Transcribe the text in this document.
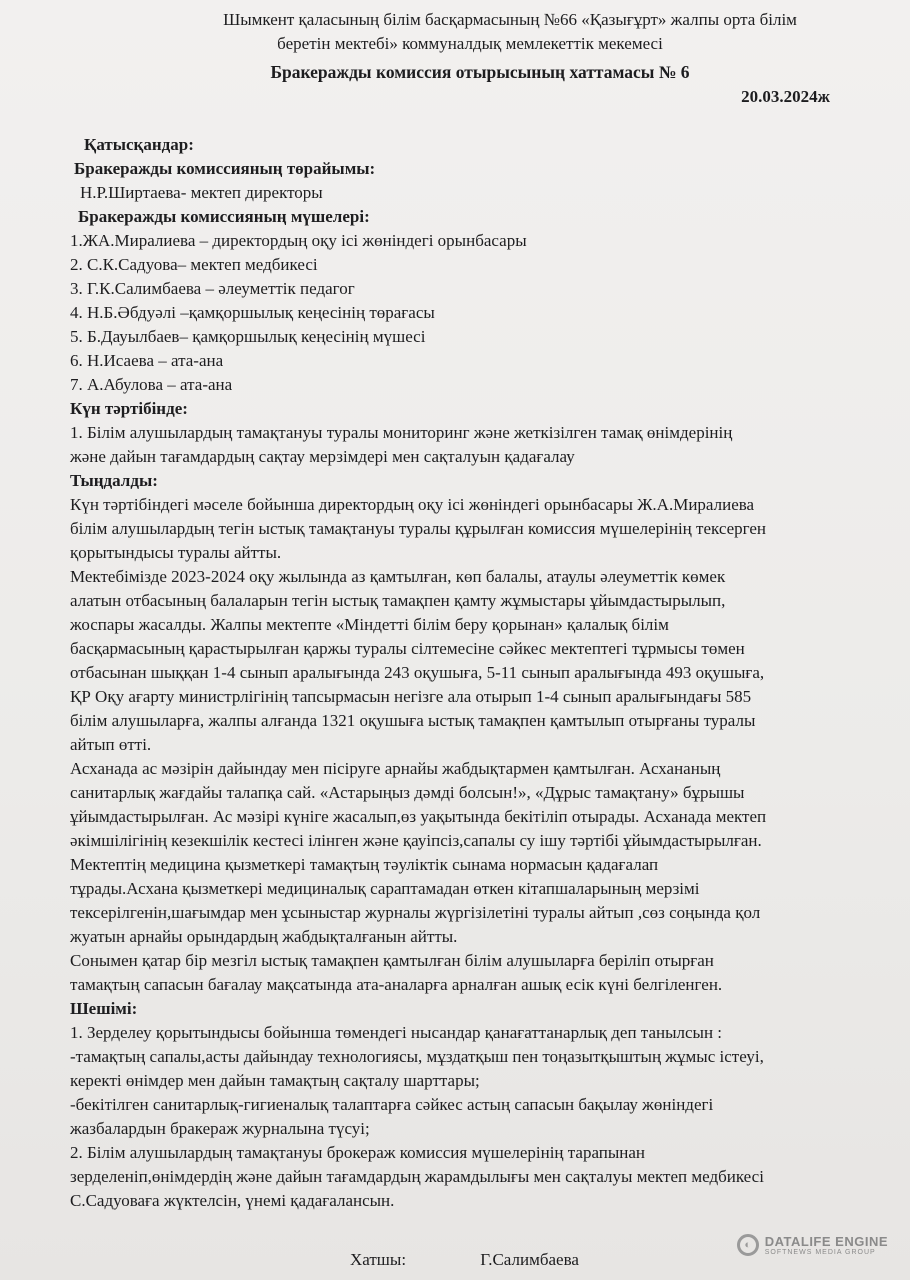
Шымкент қаласының білім басқармасының №66 «Қазығұрт» жалпы орта білім
беретін мектебі» коммуналдық мемлекеттік мекемесі
Бракеражды комиссия отырысының хаттамасы № 6
20.03.2024ж
Қатысқандар:
Бракеражды комиссияның төрайымы:
Н.Р.Ширтаева- мектеп директоры
Бракеражды комиссияның мүшелері:
1.ЖА.Миралиева – директордың оқу ісі жөніндегі орынбасары
2. С.К.Садуова– мектеп медбикесі
3. Г.К.Салимбаева – әлеуметтік педагог
4. Н.Б.Әбдуәлі –қамқоршылық кеңесінің төрағасы
5. Б.Дауылбаев– қамқоршылық кеңесінің мүшесі
6. Н.Исаева – ата-ана
7. А.Абулова – ата-ана
Күн тәртібінде:
1. Білім алушылардың тамақтануы туралы мониторинг және жеткізілген тамақ өнімдерінің
және дайын тағамдардың сақтау мерзімдері мен сақталуын қадағалау
Тыңдалды:
Күн тәртібіндегі мәселе бойынша директордың оқу ісі жөніндегі орынбасары Ж.А.Миралиева
білім алушылардың тегін ыстық тамақтануы туралы құрылған комиссия мүшелерінің тексерген
қорытындысы туралы айтты.
Мектебімізде 2023-2024 оқу жылында аз қамтылған, көп балалы, атаулы әлеуметтік көмек
алатын отбасының балаларын тегін ыстық тамақпен қамту жұмыстары ұйымдастырылып,
жоспары жасалды. Жалпы мектепте «Міндетті білім беру қорынан» қалалық білім
басқармасының қарастырылған қаржы туралы сілтемесіне сәйкес мектептегі тұрмысы төмен
отбасынан шыққан 1-4 сынып аралығында 243 оқушыға, 5-11 сынып аралығында 493 оқушыға,
ҚР Оқу ағарту министрлігінің тапсырмасын негізге ала отырып 1-4 сынып аралығындағы 585
білім алушыларға, жалпы алғанда 1321 оқушыға ыстық тамақпен қамтылып отырғаны туралы
айтып өтті.
Асханада ас мәзірін дайындау мен пісіруге арнайы жабдықтармен қамтылған. Асхананың
санитарлық жағдайы талапқа сай. «Астарыңыз дәмді болсын!», «Дұрыс тамақтану» бұрышы
ұйымдастырылған. Ас мәзірі күніге жасалып,өз уақытында бекітіліп отырады. Асханада мектеп
әкімшілігінің кезекшілік кестесі ілінген және қауіпсіз,сапалы су ішу тәртібі ұйымдастырылған.
Мектептің медицина қызметкері тамақтың тәуліктік сынама нормасын қадағалап
тұрады.Асхана қызметкері медициналық сараптамадан өткен кітапшаларының мерзімі
тексерілгенін,шағымдар мен ұсыныстар журналы жүргізілетіні туралы айтып ,сөз соңында қол
жуатын арнайы орындардың жабдықталғанын айтты.
Сонымен қатар бір мезгіл ыстық тамақпен қамтылған білім алушыларға беріліп отырған
тамақтың сапасын бағалау мақсатында ата-аналарға арналған ашық есік күні белгіленген.
Шешімі:
1. Зерделеу қорытындысы бойынша төмендегі нысандар қанағаттанарлық деп танылсын :
-тамақтың сапалы,асты дайындау технологиясы, мұздатқыш пен тоңазытқыштың жұмыс істеуі,
керекті өнімдер мен дайын тамақтың сақталу шарттары;
-бекітілген санитарлық-гигиеналық талаптарға сәйкес астың сапасын бақылау жөніндегі
жазбалардын бракераж журналына түсуі;
2. Білім алушылардың тамақтануы брокераж комиссия мүшелерінің тарапынан
зерделеніп,өнімдердің және дайын тағамдардың жарамдылығы мен сақталуы мектеп медбикесі
С.Садуоваға жүктелсін, үнемі қадағалансын.
Хатшы:	Г.Салимбаева
◐	DATALIFE ENGINE
SOFTNEWS MEDIA GROUP
